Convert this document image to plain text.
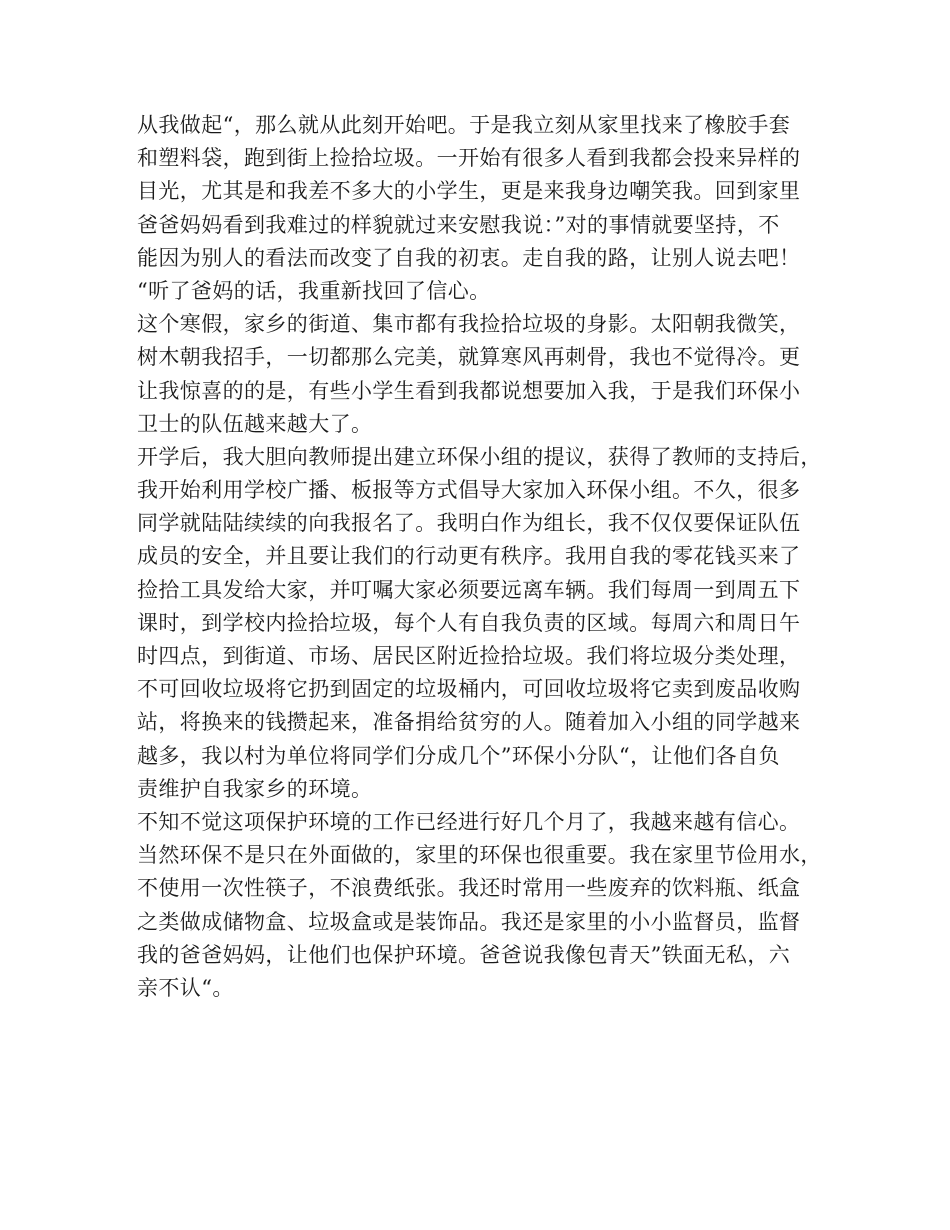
从我做起“，那么就从此刻开始吧。于是我立刻从家里找来了橡胶手套
和塑料袋，跑到街上捡拾垃圾。一开始有很多人看到我都会投来异样的
目光，尤其是和我差不多大的小学生，更是来我身边嘲笑我。回到家里
爸爸妈妈看到我难过的样貌就过来安慰我说：”对的事情就要坚持，不
能因为别人的看法而改变了自我的初衷。走自我的路，让别人说去吧！
“听了爸妈的话，我重新找回了信心。
这个寒假，家乡的街道、集市都有我捡拾垃圾的身影。太阳朝我微笑，
树木朝我招手，一切都那么完美，就算寒风再刺骨，我也不觉得冷。更
让我惊喜的的是，有些小学生看到我都说想要加入我，于是我们环保小
卫士的队伍越来越大了。
开学后，我大胆向教师提出建立环保小组的提议，获得了教师的支持后，
我开始利用学校广播、板报等方式倡导大家加入环保小组。不久，很多
同学就陆陆续续的向我报名了。我明白作为组长，我不仅仅要保证队伍
成员的安全，并且要让我们的行动更有秩序。我用自我的零花钱买来了
捡拾工具发给大家，并叮嘱大家必须要远离车辆。我们每周一到周五下
课时，到学校内捡拾垃圾，每个人有自我负责的区域。每周六和周日午
时四点，到街道、市场、居民区附近捡拾垃圾。我们将垃圾分类处理，
不可回收垃圾将它扔到固定的垃圾桶内，可回收垃圾将它卖到废品收购
站，将换来的钱攒起来，准备捐给贫穷的人。随着加入小组的同学越来
越多，我以村为单位将同学们分成几个”环保小分队“，让他们各自负
责维护自我家乡的环境。
不知不觉这项保护环境的工作已经进行好几个月了，我越来越有信心。
当然环保不是只在外面做的，家里的环保也很重要。我在家里节俭用水，
不使用一次性筷子，不浪费纸张。我还时常用一些废弃的饮料瓶、纸盒
之类做成储物盒、垃圾盒或是装饰品。我还是家里的小小监督员，监督
我的爸爸妈妈，让他们也保护环境。爸爸说我像包青天”铁面无私，六
亲不认“。
